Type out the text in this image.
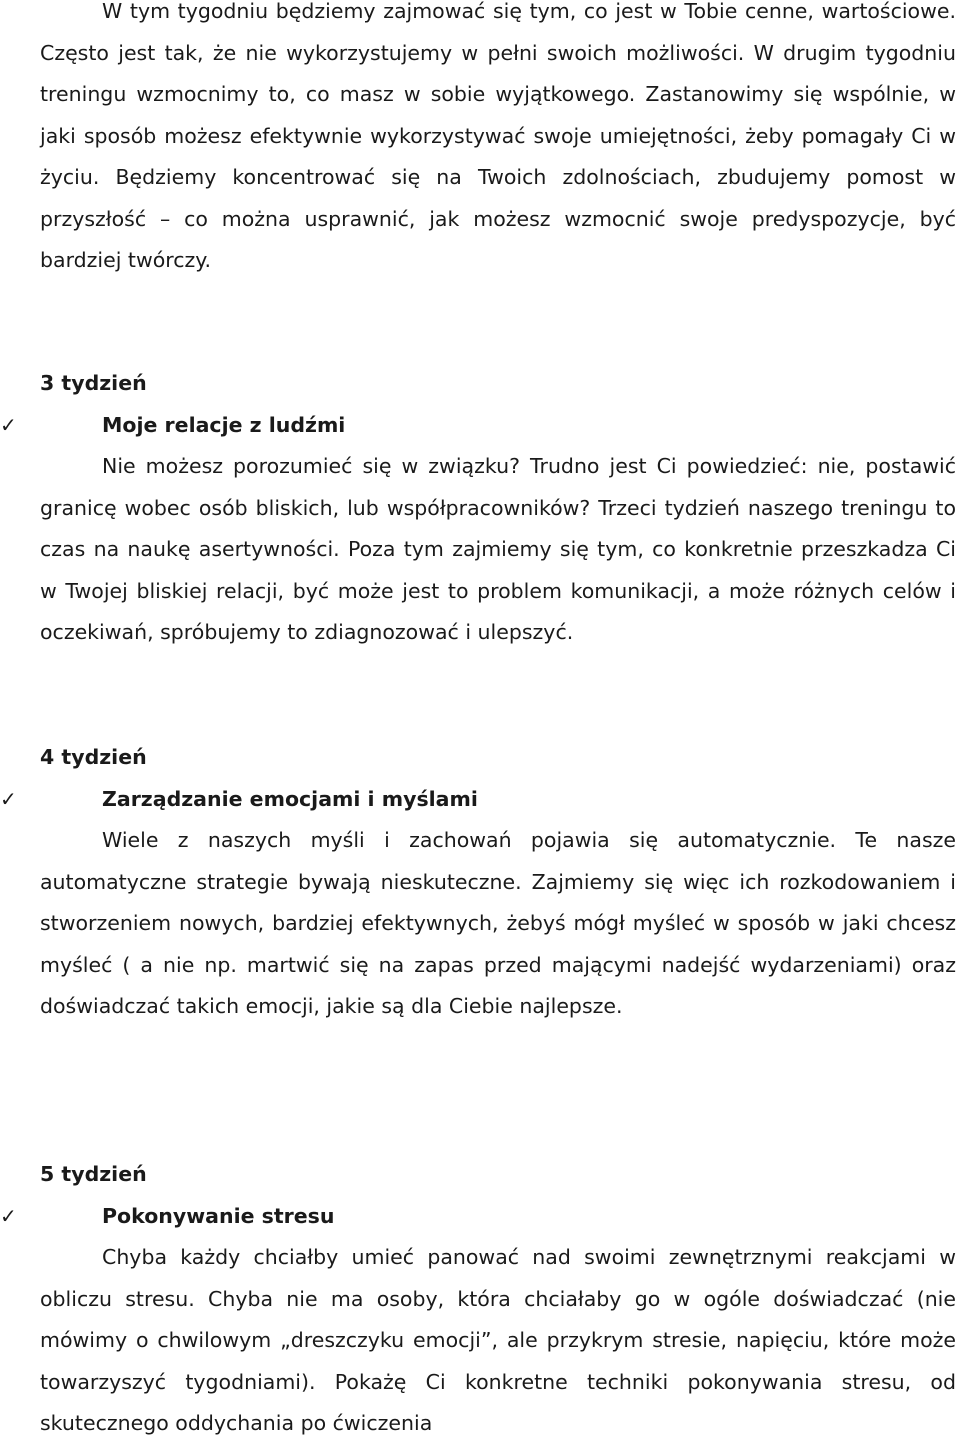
W tym tygodniu będziemy zajmować się tym, co jest w Tobie cenne, wartościowe. Często jest tak, że nie wykorzystujemy w pełni swoich możliwości. W drugim tygodniu treningu wzmocnimy to, co masz w sobie wyjątkowego. Zastanowimy się wspólnie, w jaki sposób możesz efektywnie wykorzystywać swoje umiejętności, żeby pomagały Ci w życiu. Będziemy koncentrować się na Twoich zdolnościach, zbudujemy pomost w przyszłość – co można usprawnić, jak możesz wzmocnić swoje predyspozycje, być bardziej twórczy.

3 tydzień

✓	Moje relacje z ludźmi

Nie możesz porozumieć się w związku? Trudno jest Ci powiedzieć: nie, postawić granicę wobec osób bliskich, lub współpracowników? Trzeci tydzień naszego treningu to czas na naukę asertywności. Poza tym zajmiemy się tym, co konkretnie przeszkadza Ci w Twojej bliskiej relacji, być może jest to problem komunikacji, a może różnych celów i oczekiwań, spróbujemy to zdiagnozować i ulepszyć.

4 tydzień

✓	Zarządzanie emocjami i myślami

Wiele z naszych myśli i zachowań pojawia się automatycznie. Te nasze automatyczne strategie bywają nieskuteczne. Zajmiemy się więc ich rozkodowaniem i stworzeniem nowych, bardziej efektywnych, żebyś mógł myśleć w sposób w jaki chcesz myśleć ( a nie np. martwić się na zapas przed mającymi nadejść wydarzeniami) oraz doświadczać takich emocji, jakie są dla Ciebie najlepsze.

5 tydzień

✓	Pokonywanie stresu

Chyba każdy chciałby umieć panować nad swoimi zewnętrznymi reakcjami w obliczu stresu. Chyba nie ma osoby, która chciałaby go w ogóle doświadczać (nie mówimy o chwilowym „dreszczyku emocji”, ale przykrym stresie, napięciu, które może towarzyszyć tygodniami). Pokażę Ci konkretne techniki pokonywania stresu, od skutecznego oddychania po ćwiczenia
